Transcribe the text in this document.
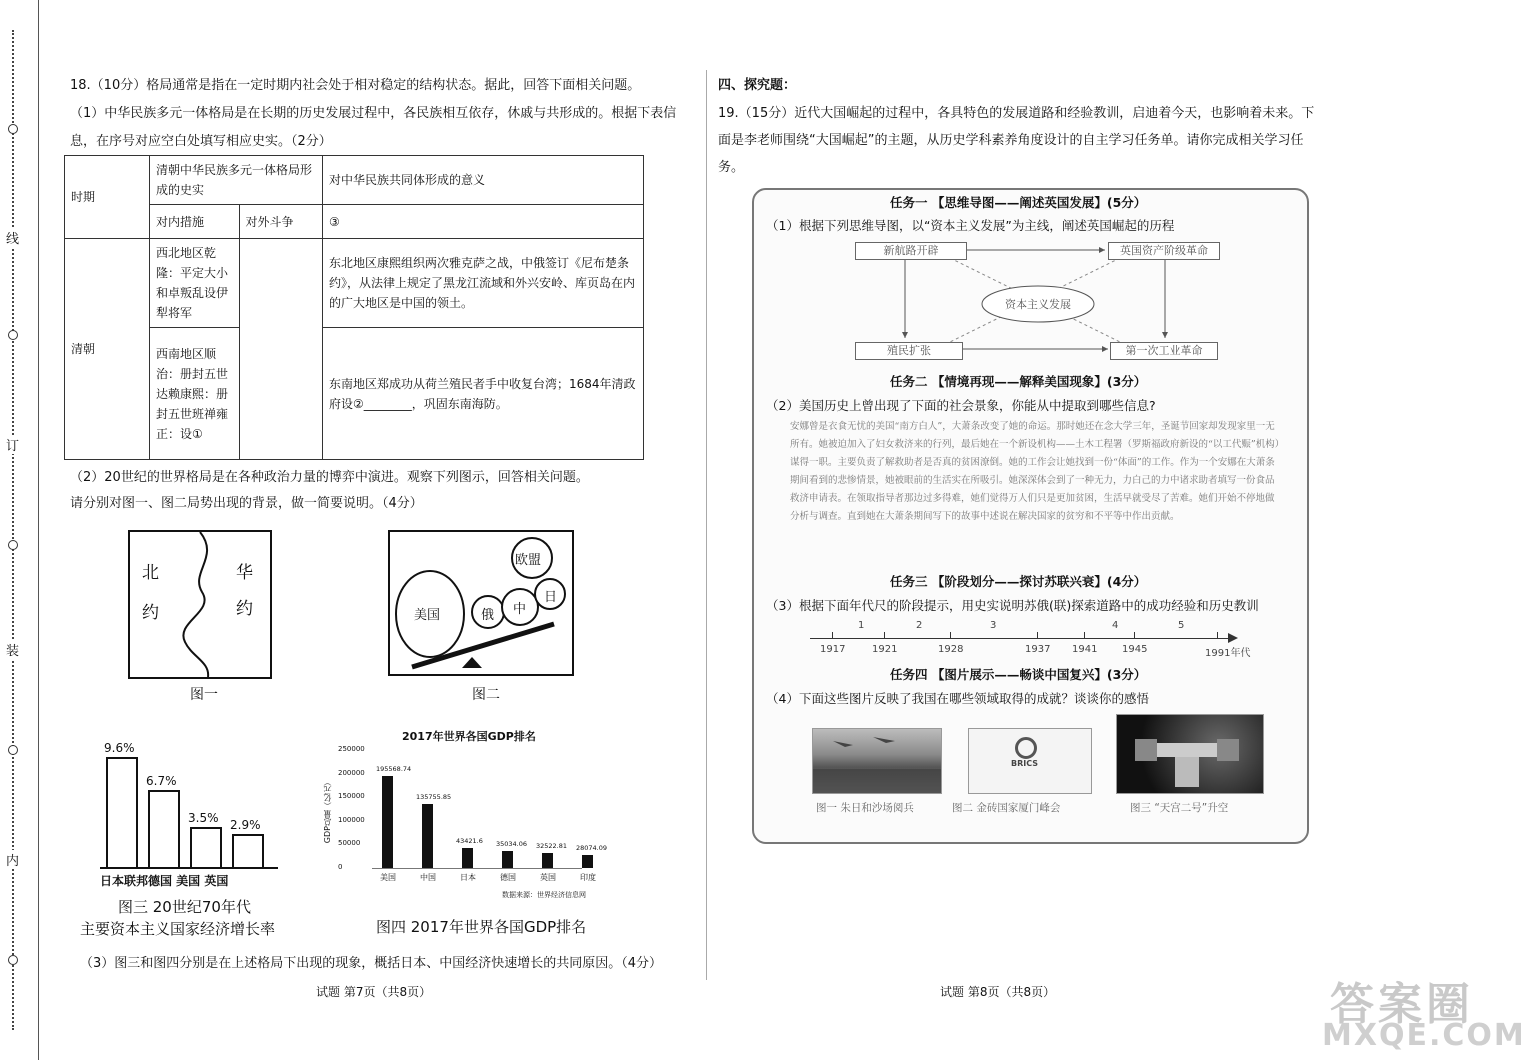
线
订
装
内
18.（10分）格局通常是指在一定时期内社会处于相对稳定的结构状态。据此，回答下面相关问题。
（1）中华民族多元一体格局是在长期的历史发展过程中，各民族相互依存，休戚与共形成的。根据下表信
息，在序号对应空白处填写相应史实。（2分）
时期	清朝中华民族多元一体格局形成的史实		对中华民族共同体形成的意义
	对内措施	对外斗争	③
清朝	西北地区乾隆：平定大小和卓叛乱设伊犁将军		东北地区康熙组织两次雅克萨之战，中俄签订《尼布楚条约》，从法律上规定了黑龙江流域和外兴安岭、库页岛在内的广大地区是中国的领土。
	西南地区顺治：册封五世达赖康熙：册封五世班禅雍正：设①		东南地区郑成功从荷兰殖民者手中收复台湾；1684年清政府设②________，巩固东南海防。
（2）20世纪的世界格局是在各种政治力量的博弈中演进。观察下列图示，回答相关问题。
请分别对图一、图二局势出现的背景，做一简要说明。（4分）
北
约
华
约
图一
美国	俄 中
日
欧盟
图二
9.6%
6.7%
3.5% 2.9%
日本联邦德国 美国 英国
图三 20世纪70年代
主要资本主义国家经济增长率
2017年世界各国GDP排名
GDP总量（亿元）
250000
200000
150000
100000
50000
0
195568.74
美国
135755.85
中国
43421.6
日本
35034.06
德国
32522.81
英国
28074.09
印度
数据来源：世界经济信息网
图四 2017年世界各国GDP排名
（3）图三和图四分别是在上述格局下出现的现象，概括日本、中国经济快速增长的共同原因。（4分）
试题 第7页（共8页）
四、探究题：
19.（15分）近代大国崛起的过程中，各具特色的发展道路和经验教训，启迪着今天，也影响着未来。下
面是李老师围绕“大国崛起”的主题，从历史学科素养角度设计的自主学习任务单。请你完成相关学习任
务。
任务一 【思维导图——阐述英国发展】(5分）
（1）根据下列思维导图，以“资本主义发展”为主线，阐述英国崛起的历程
新航路开辟	英国资产阶级革命
资本主义发展
殖民扩张	第一次工业革命
任务二 【情境再现——解释美国现象】(3分）
（2）美国历史上曾出现了下面的社会景象，你能从中提取到哪些信息?
安娜曾是衣食无忧的美国“南方白人”，大萧条改变了她的命运。那时她还在念大学三年，圣诞节回家却发现家里一无所有。她被迫加入了妇女救济来的行列，最后她在一个新设机构——土木工程署（罗斯福政府新设的“以工代赈”机构）谋得一职。主要负责了解救助者是否真的贫困潦倒。她的工作会让她找到一份“体面”的工作。作为一个安娜在大萧条期间看到的悲惨情景，她被眼前的生活实在所吸引。她深深体会到了一种无力，力白己的力中诸求助者填写一份食品救济申请表。在领取指导者那边过多得难，她们觉得万人们只是更加贫困，生活早就受尽了苦难。她们开始不停地做分析与调查。直到她在大萧条期间写下的故事中述说在解决国家的贫穷和不平等中作出贡献。
任务三 【阶段划分——探讨苏联兴衰】(4分）
（3）根据下面年代尺的阶段提示，用史实说明苏俄(联)探索道路中的成功经验和历史教训
1917	1921	1928	1937 1941 1945	1991年代
1	2	3	4	5
任务四 【图片展示——畅谈中国复兴】(3分）
（4）下面这些图片反映了我国在哪些领域取得的成就？谈谈你的感悟
BRICS
图一 朱日和沙场阅兵	图二 金砖国家厦门峰会	图三 “天宫二号”升空
试题 第8页（共8页）	答案圈
MXQE.COM
